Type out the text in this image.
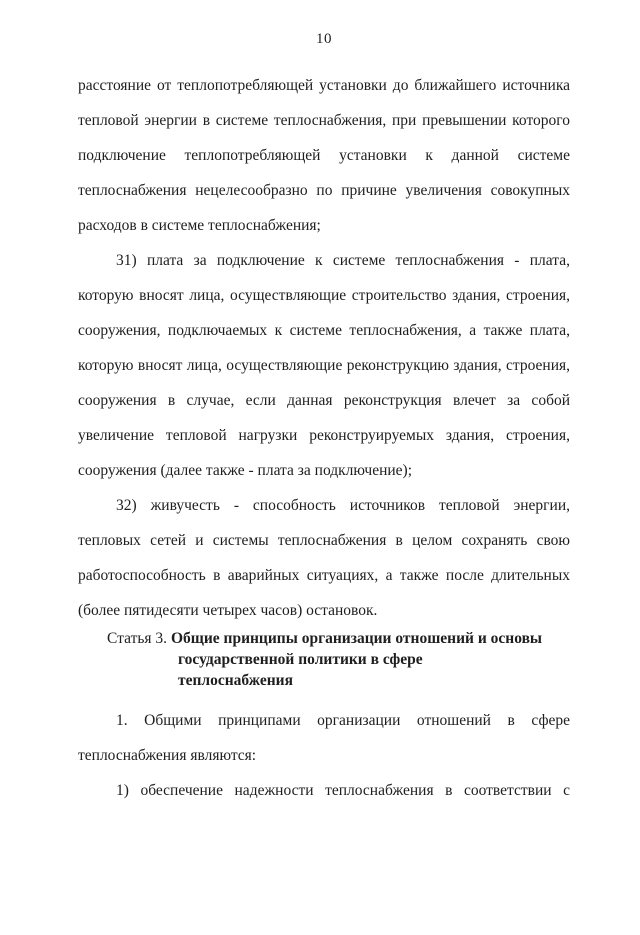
10
расстояние от теплопотребляющей установки до ближайшего источника
тепловой энергии в системе теплоснабжения, при превышении которого
подключение теплопотребляющей установки к данной системе
теплоснабжения нецелесообразно по причине увеличения совокупных
расходов в системе теплоснабжения;
31) плата за подключение к системе теплоснабжения - плата,
которую вносят лица, осуществляющие строительство здания, строения,
сооружения, подключаемых к системе теплоснабжения, а также плата,
которую вносят лица, осуществляющие реконструкцию здания, строения,
сооружения в случае, если данная реконструкция влечет за собой
увеличение тепловой нагрузки реконструируемых здания, строения,
сооружения (далее также - плата за подключение);
32) живучесть - способность источников тепловой энергии,
тепловых сетей и системы теплоснабжения в целом сохранять свою
работоспособность в аварийных ситуациях, а также после длительных
(более пятидесяти четырех часов) остановок.
Статья 3. Общие принципы организации отношений и основы
государственной политики в сфере
теплоснабжения
1. Общими принципами организации отношений в сфере
теплоснабжения являются:
1) обеспечение надежности теплоснабжения в соответствии с
